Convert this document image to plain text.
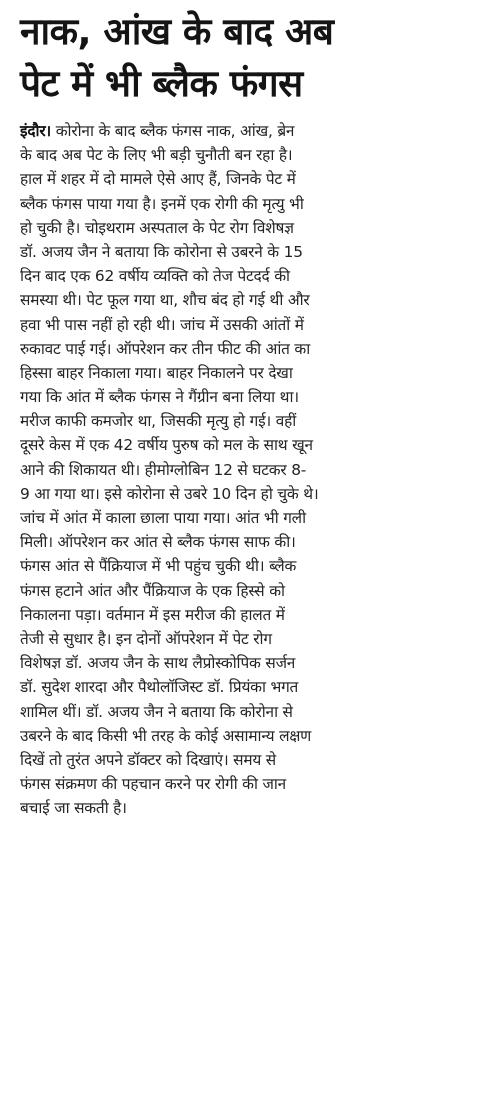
नाक, आंख के बाद अब
पेट में भी ब्लैक फंगस
इंदौर। कोरोना के बाद ब्लैक फंगस नाक, आंख, ब्रेन
के बाद अब पेट के लिए भी बड़ी चुनौती बन रहा है।
हाल में शहर में दो मामले ऐसे आए हैं, जिनके पेट में
ब्लैक फंगस पाया गया है। इनमें एक रोगी की मृत्यु भी
हो चुकी है। चोइथराम अस्पताल के पेट रोग विशेषज्ञ
डॉ. अजय जैन ने बताया कि कोरोना से उबरने के 15
दिन बाद एक 62 वर्षीय व्यक्ति को तेज पेटदर्द की
समस्या थी। पेट फूल गया था, शौच बंद हो गई थी और
हवा भी पास नहीं हो रही थी। जांच में उसकी आंतों में
रुकावट पाई गई। ऑपरेशन कर तीन फीट की आंत का
हिस्सा बाहर निकाला गया। बाहर निकालने पर देखा
गया कि आंत में ब्लैक फंगस ने गैंग्रीन बना लिया था।
मरीज काफी कमजोर था, जिसकी मृत्यु हो गई। वहीं
दूसरे केस में एक 42 वर्षीय पुरुष को मल के साथ खून
आने की शिकायत थी। हीमोग्लोबिन 12 से घटकर 8-
9 आ गया था। इसे कोरोना से उबरे 10 दिन हो चुके थे।
जांच में आंत में काला छाला पाया गया। आंत भी गली
मिली। ऑपरेशन कर आंत से ब्लैक फंगस साफ की।
फंगस आंत से पैंक्रियाज में भी पहुंच चुकी थी। ब्लैक
फंगस हटाने आंत और पैंक्रियाज के एक हिस्से को
निकालना पड़ा। वर्तमान में इस मरीज की हालत में
तेजी से सुधार है। इन दोनों ऑपरेशन में पेट रोग
विशेषज्ञ डॉ. अजय जैन के साथ लैप्रोस्कोपिक सर्जन
डॉ. सुदेश शारदा और पैथोलॉजिस्ट डॉ. प्रियंका भगत
शामिल थीं। डॉ. अजय जैन ने बताया कि कोरोना से
उबरने के बाद किसी भी तरह के कोई असामान्य लक्षण
दिखें तो तुरंत अपने डॉक्टर को दिखाएं। समय से
फंगस संक्रमण की पहचान करने पर रोगी की जान
बचाई जा सकती है।
